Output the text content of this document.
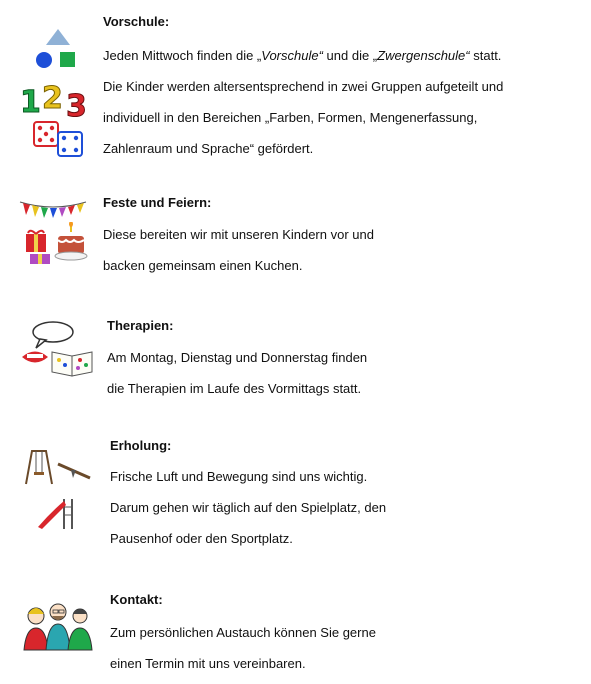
1 2 3
Vorschule:
Jeden Mittwoch finden die „Vorschule“ und die „Zwergenschule“ statt.
Die Kinder werden altersentsprechend in zwei Gruppen aufgeteilt und
individuell in den Bereichen „Farben, Formen, Mengenerfassung,
Zahlenraum und Sprache“ gefördert.
Feste und Feiern:
Diese bereiten wir mit unseren Kindern vor und
backen gemeinsam einen Kuchen.
Therapien:
Am Montag, Dienstag und Donnerstag finden
die Therapien im Laufe des Vormittags statt.
Erholung:
Frische Luft und Bewegung sind uns wichtig.
Darum gehen wir täglich auf den Spielplatz, den
Pausenhof oder den Sportplatz.
Kontakt:
Zum persönlichen Austauch können Sie gerne
einen Termin mit uns vereinbaren.
